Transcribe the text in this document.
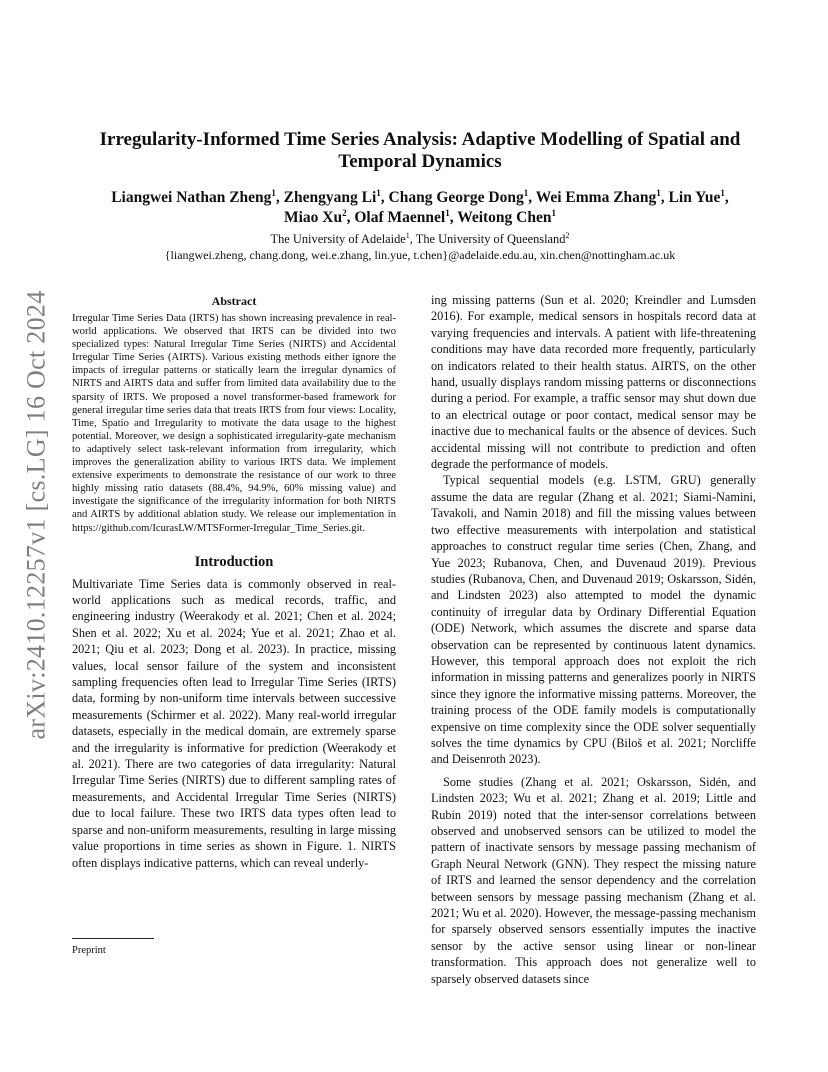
arXiv:2410.12257v1 [cs.LG] 16 Oct 2024
Irregularity-Informed Time Series Analysis: Adaptive Modelling of Spatial and Temporal Dynamics
Liangwei Nathan Zheng$^1$, Zhengyang Li$^1$, Chang George Dong$^1$, Wei Emma Zhang$^1$, Lin Yue$^1$,
Miao Xu$^2$, Olaf Maennel$^1$, Weitong Chen$^1$
The University of Adelaide$^1$, The University of Queensland$^2$
{liangwei.zheng, chang.dong, wei.e.zhang, lin.yue, t.chen}@adelaide.edu.au, xin.chen@nottingham.ac.uk
Abstract

Irregular Time Series Data (IRTS) has shown increasing prevalence in real-world applications. We observed that IRTS can be divided into two specialized types: Natural Irregular Time Series (NIRTS) and Accidental Irregular Time Series (AIRTS). Various existing methods either ignore the impacts of irregular patterns or statically learn the irregular dynamics of NIRTS and AIRTS data and suffer from limited data availability due to the sparsity of IRTS. We proposed a novel transformer-based framework for general irregular time series data that treats IRTS from four views: Locality, Time, Spatio and Irregularity to motivate the data usage to the highest potential. Moreover, we design a sophisticated irregularity-gate mechanism to adaptively select task-relevant information from irregularity, which improves the generalization ability to various IRTS data. We implement extensive experiments to demonstrate the resistance of our work to three highly missing ratio datasets (88.4%, 94.9%, 60% missing value) and investigate the significance of the irregularity information for both NIRTS and AIRTS by additional ablation study. We release our implementation in https://github.com/IcurasLW/MTSFormer-Irregular_Time_Series.git.

Introduction

Multivariate Time Series data is commonly observed in real-world applications such as medical records, traffic, and engineering industry (Weerakody et al. 2021; Chen et al. 2024; Shen et al. 2022; Xu et al. 2024; Yue et al. 2021; Zhao et al. 2021; Qiu et al. 2023; Dong et al. 2023). In practice, missing values, local sensor failure of the system and inconsistent sampling frequencies often lead to Irregular Time Series (IRTS) data, forming by non-uniform time intervals between successive measurements (Schirmer et al. 2022). Many real-world irregular datasets, especially in the medical domain, are extremely sparse and the irregularity is informative for prediction (Weerakody et al. 2021). There are two categories of data irregularity: Natural Irregular Time Series (NIRTS) due to different sampling rates of measurements, and Accidental Irregular Time Series (NIRTS) due to local failure. These two IRTS data types often lead to sparse and non-uniform measurements, resulting in large missing value proportions in time series as shown in Figure. 1. NIRTS often displays indicative patterns, which can reveal underly-

ing missing patterns (Sun et al. 2020; Kreindler and Lumsden 2016). For example, medical sensors in hospitals record data at varying frequencies and intervals. A patient with life-threatening conditions may have data recorded more frequently, particularly on indicators related to their health status. AIRTS, on the other hand, usually displays random missing patterns or disconnections during a period. For example, a traffic sensor may shut down due to an electrical outage or poor contact, medical sensor may be inactive due to mechanical faults or the absence of devices. Such accidental missing will not contribute to prediction and often degrade the performance of models.

Typical sequential models (e.g. LSTM, GRU) generally assume the data are regular (Zhang et al. 2021; Siami-Namini, Tavakoli, and Namin 2018) and fill the missing values between two effective measurements with interpolation and statistical approaches to construct regular time series (Chen, Zhang, and Yue 2023; Rubanova, Chen, and Duvenaud 2019). Previous studies (Rubanova, Chen, and Duvenaud 2019; Oskarsson, Sidén, and Lindsten 2023) also attempted to model the dynamic continuity of irregular data by Ordinary Differential Equation (ODE) Network, which assumes the discrete and sparse data observation can be represented by continuous latent dynamics. However, this temporal approach does not exploit the rich information in missing patterns and generalizes poorly in NIRTS since they ignore the informative missing patterns. Moreover, the training process of the ODE family models is computationally expensive on time complexity since the ODE solver sequentially solves the time dynamics by CPU (Biloš et al. 2021; Norcliffe and Deisenroth 2023).

Some studies (Zhang et al. 2021; Oskarsson, Sidén, and Lindsten 2023; Wu et al. 2021; Zhang et al. 2019; Little and Rubin 2019) noted that the inter-sensor correlations between observed and unobserved sensors can be utilized to model the pattern of inactivate sensors by message passing mechanism of Graph Neural Network (GNN). They respect the missing nature of IRTS and learned the sensor dependency and the correlation between sensors by message passing mechanism (Zhang et al. 2021; Wu et al. 2020). However, the message-passing mechanism for sparsely observed sensors essentially imputes the inactive sensor by the active sensor using linear or non-linear transformation. This approach does not generalize well to sparsely observed datasets since

Preprint
